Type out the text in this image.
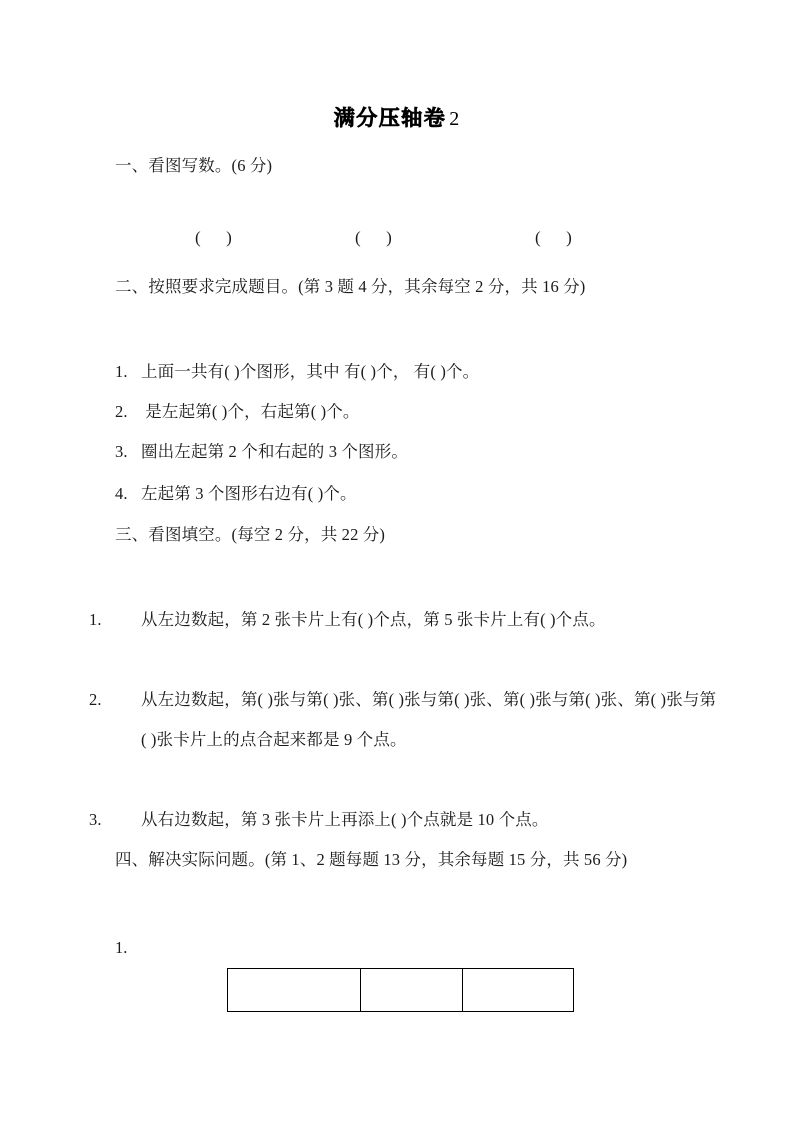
满分压轴卷 2
一、看图写数。(6 分)
(      )	(      )	(      )
二、按照要求完成题目。(第 3 题 4 分，其余每空 2 分，共 16 分)
1. 上面一共有( )个图形，其中 有( )个， 有( )个。
2. 是左起第( )个，右起第( )个。
3. 圈出左起第 2 个和右起的 3 个图形。
4. 左起第 3 个图形右边有( )个。
三、看图填空。(每空 2 分，共 22 分)
1. 从左边数起，第 2 张卡片上有( )个点，第 5 张卡片上有( )个点。
2. 从左边数起，第( )张与第( )张、第( )张与第( )张、第( )张与第( )张、第( )张与第( )张卡片上的点合起来都是 9 个点。
3. 从右边数起，第 3 张卡片上再添上( )个点就是 10 个点。
四、解决实际问题。(第 1、2 题每题 13 分，其余每题 15 分，共 56 分)
1.
